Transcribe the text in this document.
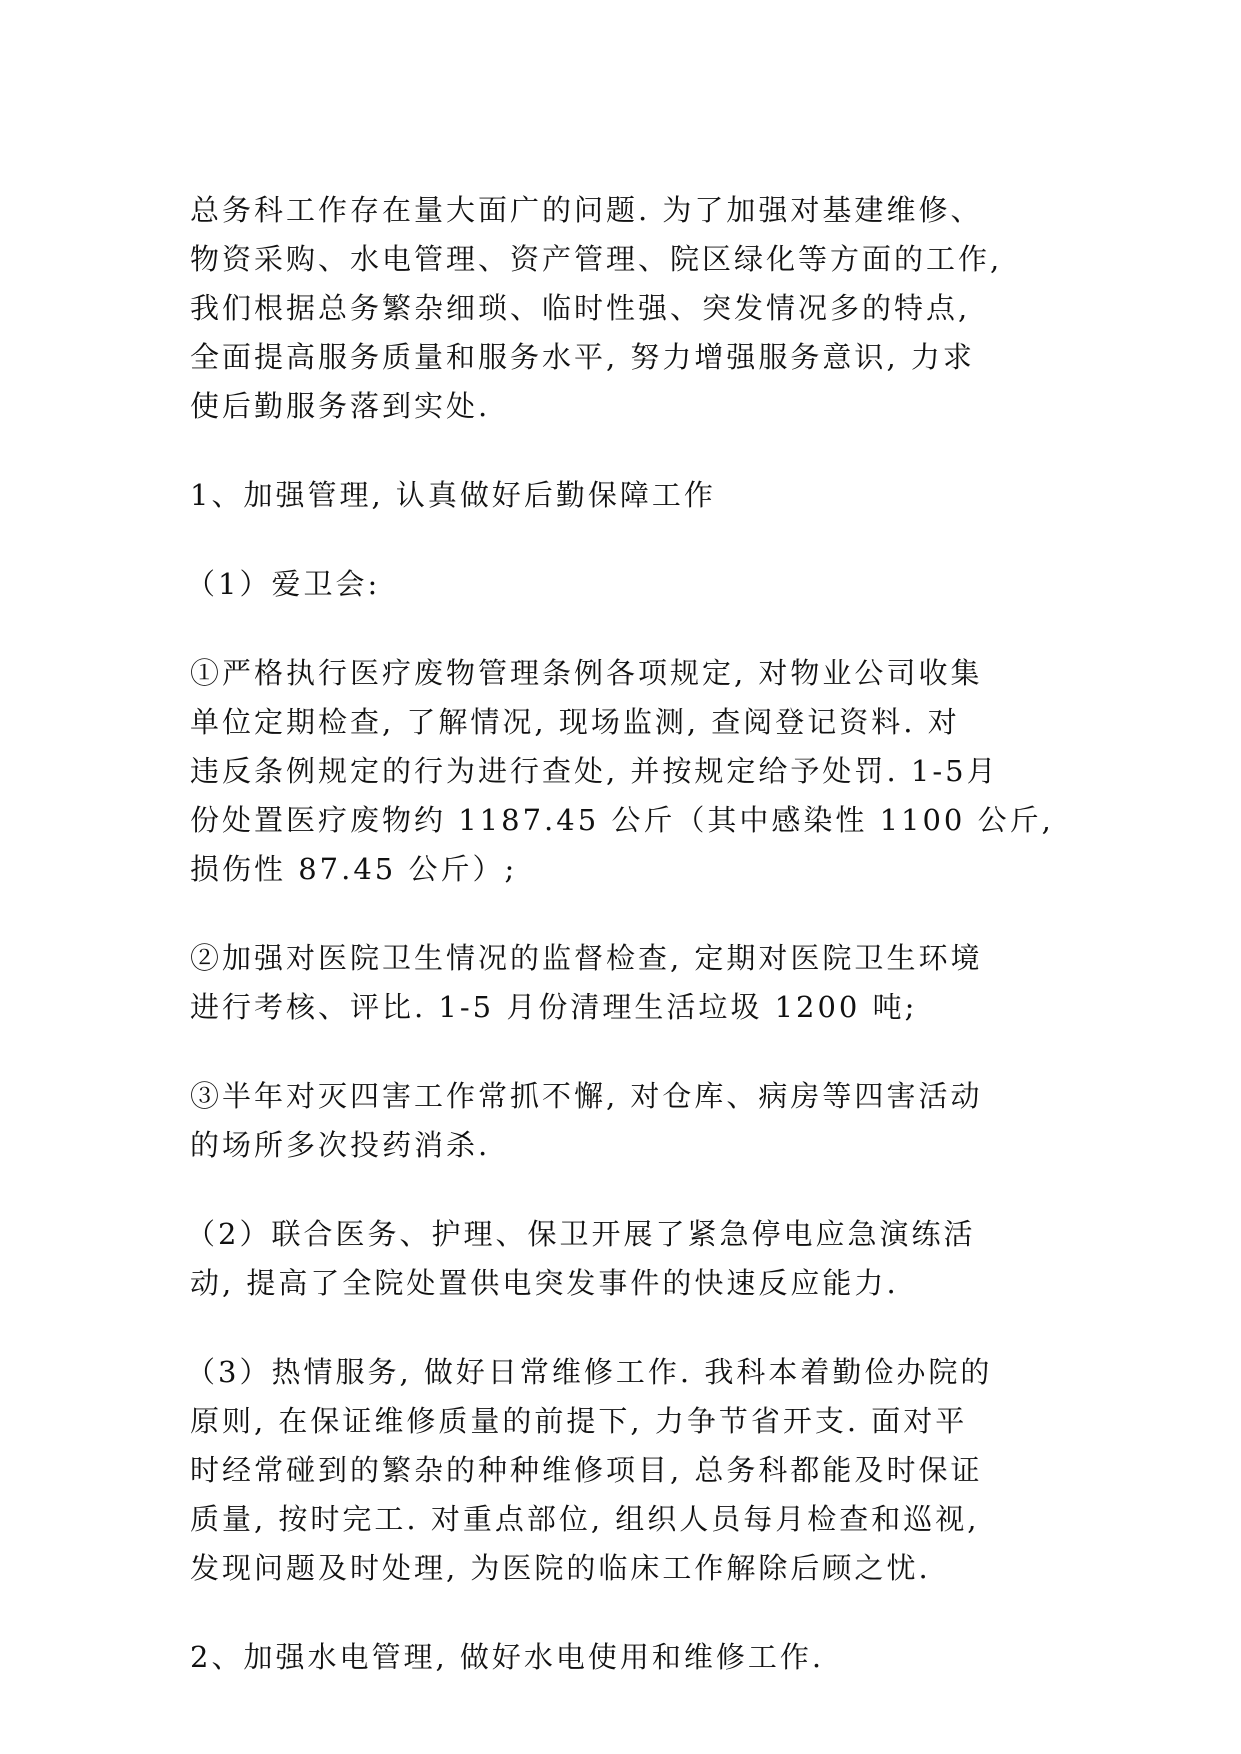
总务科工作存在量大面广的问题. 为了加强对基建维修、
物资采购、水电管理、资产管理、院区绿化等方面的工作,
我们根据总务繁杂细琐、临时性强、突发情况多的特点,
全面提高服务质量和服务水平, 努力增强服务意识, 力求
使后勤服务落到实处.

1、加强管理, 认真做好后勤保障工作

（1）爱卫会:

①严格执行医疗废物管理条例各项规定, 对物业公司收集
单位定期检查, 了解情况, 现场监测, 查阅登记资料. 对
违反条例规定的行为进行查处, 并按规定给予处罚. 1-5月
份处置医疗废物约 1187.45 公斤（其中感染性 1100 公斤,
损伤性 87.45 公斤）;

②加强对医院卫生情况的监督检查, 定期对医院卫生环境
进行考核、评比. 1-5 月份清理生活垃圾 1200 吨;

③半年对灭四害工作常抓不懈, 对仓库、病房等四害活动
的场所多次投药消杀.

（2）联合医务、护理、保卫开展了紧急停电应急演练活
动, 提高了全院处置供电突发事件的快速反应能力.

（3）热情服务, 做好日常维修工作. 我科本着勤俭办院的
原则, 在保证维修质量的前提下, 力争节省开支. 面对平
时经常碰到的繁杂的种种维修项目, 总务科都能及时保证
质量, 按时完工. 对重点部位, 组织人员每月检查和巡视,
发现问题及时处理, 为医院的临床工作解除后顾之忧.

2、加强水电管理, 做好水电使用和维修工作.
